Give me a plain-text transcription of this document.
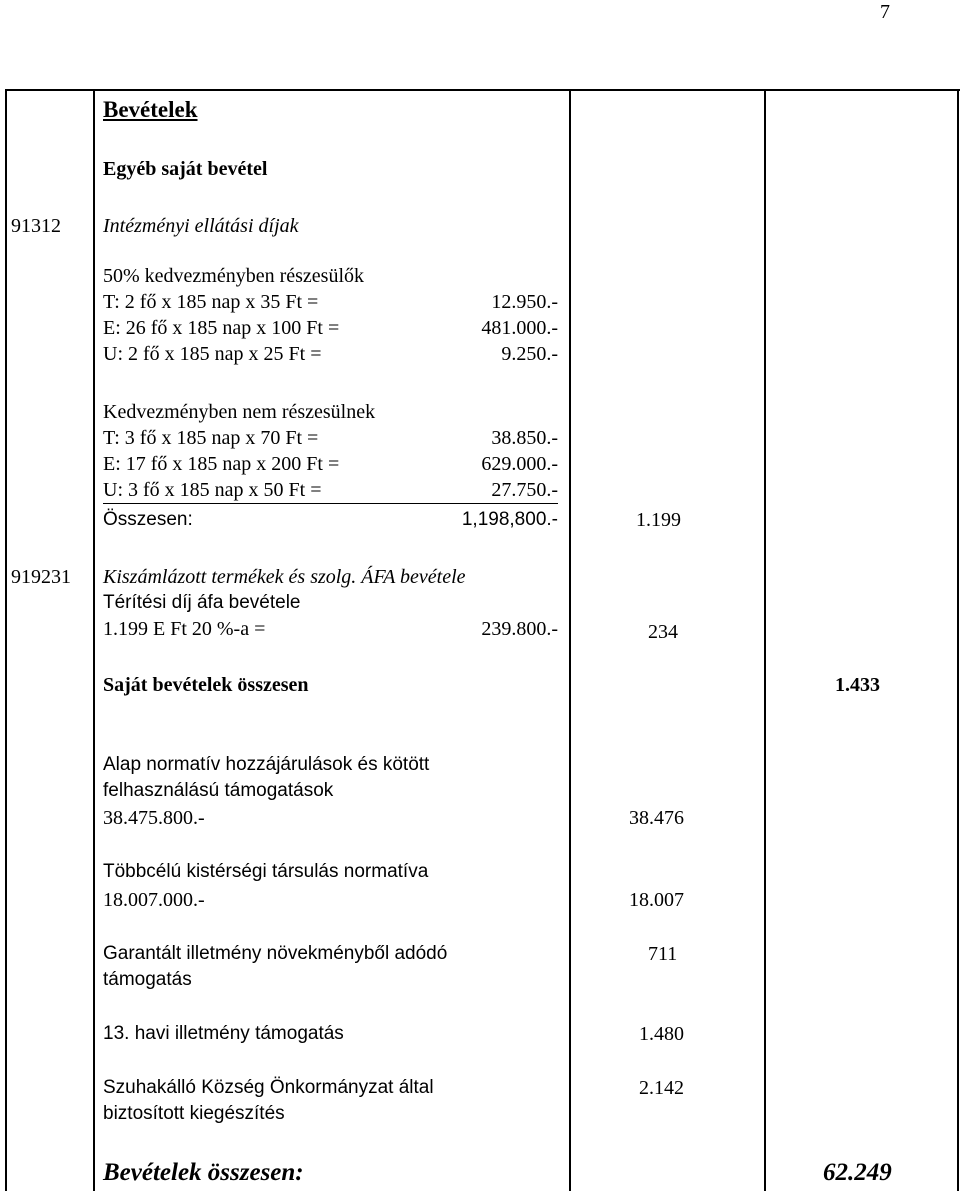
7
Bevételek
Egyéb saját bevétel
91312 Intézményi ellátási díjak
50% kedvezményben részesülők
T: 2 fő x 185 nap x 35 Ft =	12.950.-
E: 26 fő x 185 nap x 100 Ft =	481.000.-
U: 2 fő x 185 nap x 25 Ft =	9.250.-
Kedvezményben nem részesülnek
T: 3 fő x 185 nap x 70 Ft =	38.850.-
E: 17 fő x 185 nap x 200 Ft =	629.000.-
U: 3 fő x 185 nap x 50 Ft =	27.750.-
Összesen:	1,198,800.-	1.199
919231 Kiszámlázott termékek és szolg. ÁFA bevétele
Térítési díj áfa bevétele
1.199 E Ft 20 %-a =	239.800.-	234
Saját bevételek összesen	1.433
Alap normatív hozzájárulások és kötött
felhasználású támogatások
38.475.800.-	38.476
Többcélú kistérségi társulás normatíva
18.007.000.-	18.007
Garantált illetmény növekményből adódó
támogatás
711
13. havi illetmény támogatás	1.480
Szuhakálló Község Önkormányzat által
biztosított kiegészítés
2.142
Bevételek összesen:	62.249
